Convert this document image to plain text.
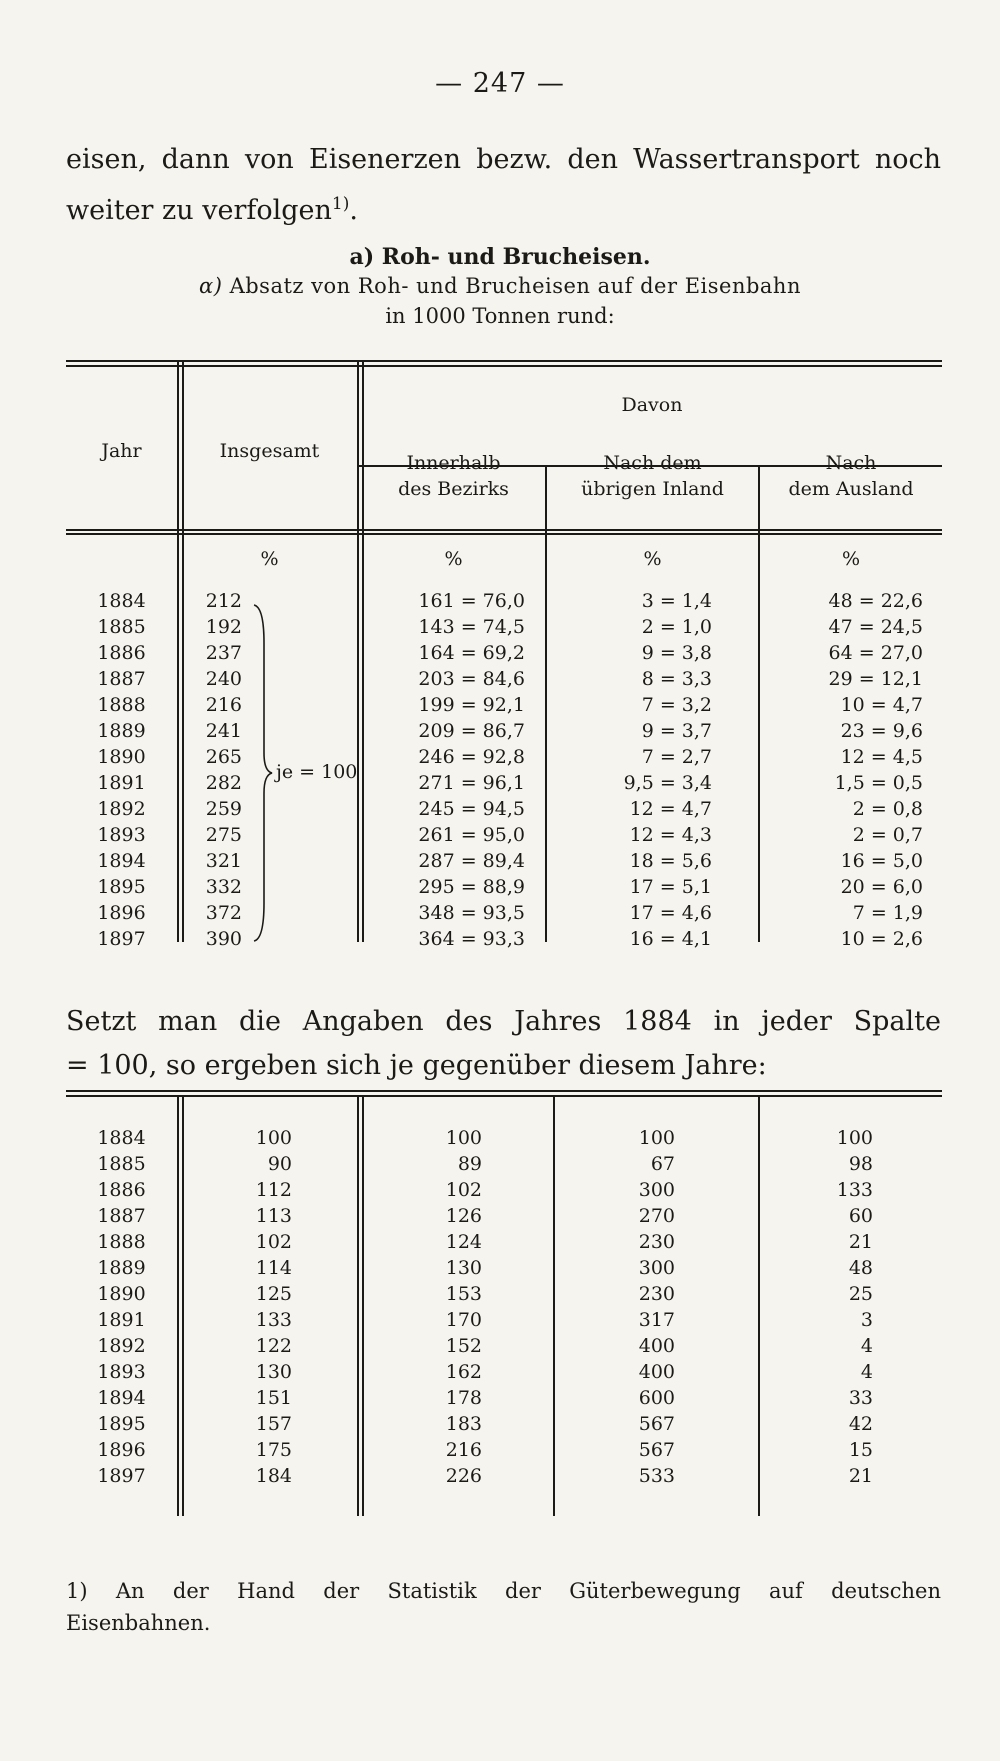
— 247 —
eisen, dann von Eisenerzen bezw. den Wassertransport noch
weiter zu verfolgen$^{1)}$.
a) Roh- und Brucheisen.
α) Absatz von Roh- und Brucheisen auf der Eisenbahn
in 1000 Tonnen rund:
Jahr	Insgesamt
Davon
Innerhalb
des Bezirks
Nach dem
übrigen Inland
Nach
dem Ausland
%	%	%	%
je = 100
1884	212	161 = 76,0	3 = 1,4	48 = 22,6
1885	192	143 = 74,5	2 = 1,0	47 = 24,5
1886	237	164 = 69,2	9 = 3,8	64 = 27,0
1887	240	203 = 84,6	8 = 3,3	29 = 12,1
1888	216	199 = 92,1	7 = 3,2	10 = 4,7
1889	241	209 = 86,7	9 = 3,7	23 = 9,6
1890	265	246 = 92,8	7 = 2,7	12 = 4,5
1891	282	271 = 96,1	9,5 = 3,4	1,5 = 0,5
1892	259	245 = 94,5	12 = 4,7	2 = 0,8
1893	275	261 = 95,0	12 = 4,3	2 = 0,7
1894	321	287 = 89,4	18 = 5,6	16 = 5,0
1895	332	295 = 88,9	17 = 5,1	20 = 6,0
1896	372	348 = 93,5	17 = 4,6	7 = 1,9
1897	390	364 = 93,3	16 = 4,1	10 = 2,6
Setzt man die Angaben des Jahres 1884 in jeder Spalte
= 100, so ergeben sich je gegenüber diesem Jahre:
1884	100	100	100	100
1885	90	89	67	98
1886	112	102	300	133
1887	113	126	270	60
1888	102	124	230	21
1889	114	130	300	48
1890	125	153	230	25
1891	133	170	317	3
1892	122	152	400	4
1893	130	162	400	4
1894	151	178	600	33
1895	157	183	567	42
1896	175	216	567	15
1897	184	226	533	21
1) An der Hand der Statistik der Güterbewegung auf deutschen
Eisenbahnen.
